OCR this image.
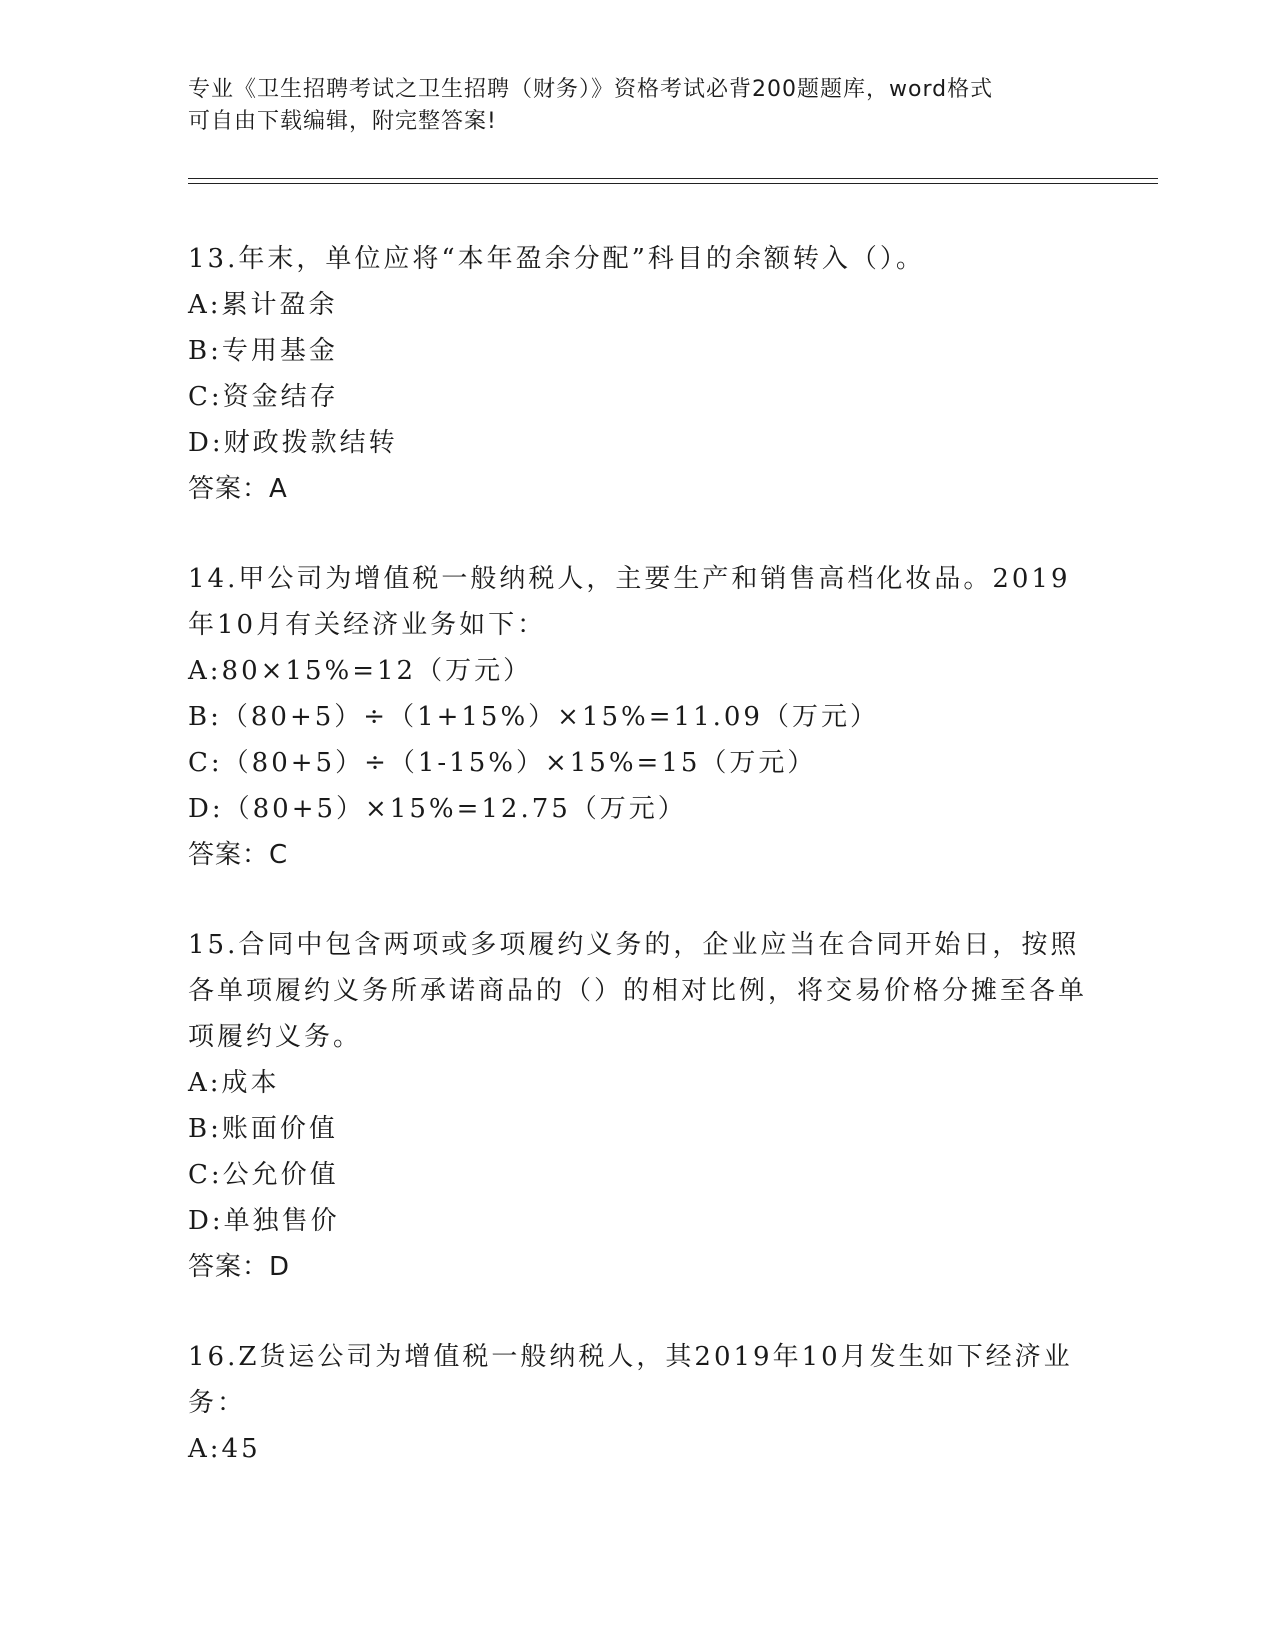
专业《卫生招聘考试之卫生招聘（财务）》资格考试必背200题题库，word格式
可自由下载编辑，附完整答案!

13.年末，单位应将“本年盈余分配”科目的余额转入（）。

A:累计盈余

B:专用基金

C:资金结存

D:财政拨款结转

答案：A

14.甲公司为增值税一般纳税人，主要生产和销售高档化妆品。2019年10月有关经济业务如下：

A:80×15%=12（万元）

B:（80+5）÷（1+15%）×15%=11.09（万元）

C:（80+5）÷（1-15%）×15%=15（万元）

D:（80+5）×15%=12.75（万元）

答案：C

15.合同中包含两项或多项履约义务的，企业应当在合同开始日，按照各单项履约义务所承诺商品的（）的相对比例，将交易价格分摊至各单项履约义务。

A:成本

B:账面价值

C:公允价值

D:单独售价

答案：D

16.Z货运公司为增值税一般纳税人，其2019年10月发生如下经济业务：

A:45
